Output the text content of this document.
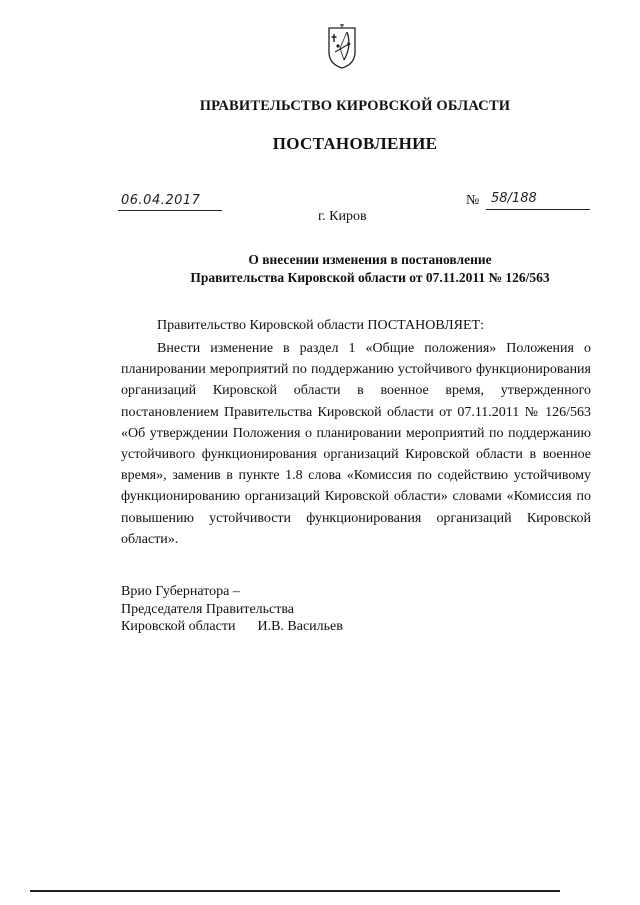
ПРАВИТЕЛЬСТВО КИРОВСКОЙ ОБЛАСТИ
ПОСТАНОВЛЕНИЕ
06.04.2017	№ 58/188
г. Киров
О внесении изменения в постановление
Правительства Кировской области от 07.11.2011 № 126/563
Правительство Кировской области ПОСТАНОВЛЯЕТ:
Внести изменение в раздел 1 «Общие положения» Положения о планировании мероприятий по поддержанию устойчивого функционирования организаций Кировской области в военное время, утвержденного постановлением Правительства Кировской области от 07.11.2011 № 126/563 «Об утверждении Положения о планировании мероприятий по поддержанию устойчивого функционирования организаций Кировской области в военное время», заменив в пункте 1.8 слова «Комиссия по содействию устойчивому функционированию организаций Кировской области» словами «Комиссия по повышению устойчивости функционирования организаций Кировской области».
Врио Губернатора –
Председателя Правительства
Кировской области И.В. Васильев
